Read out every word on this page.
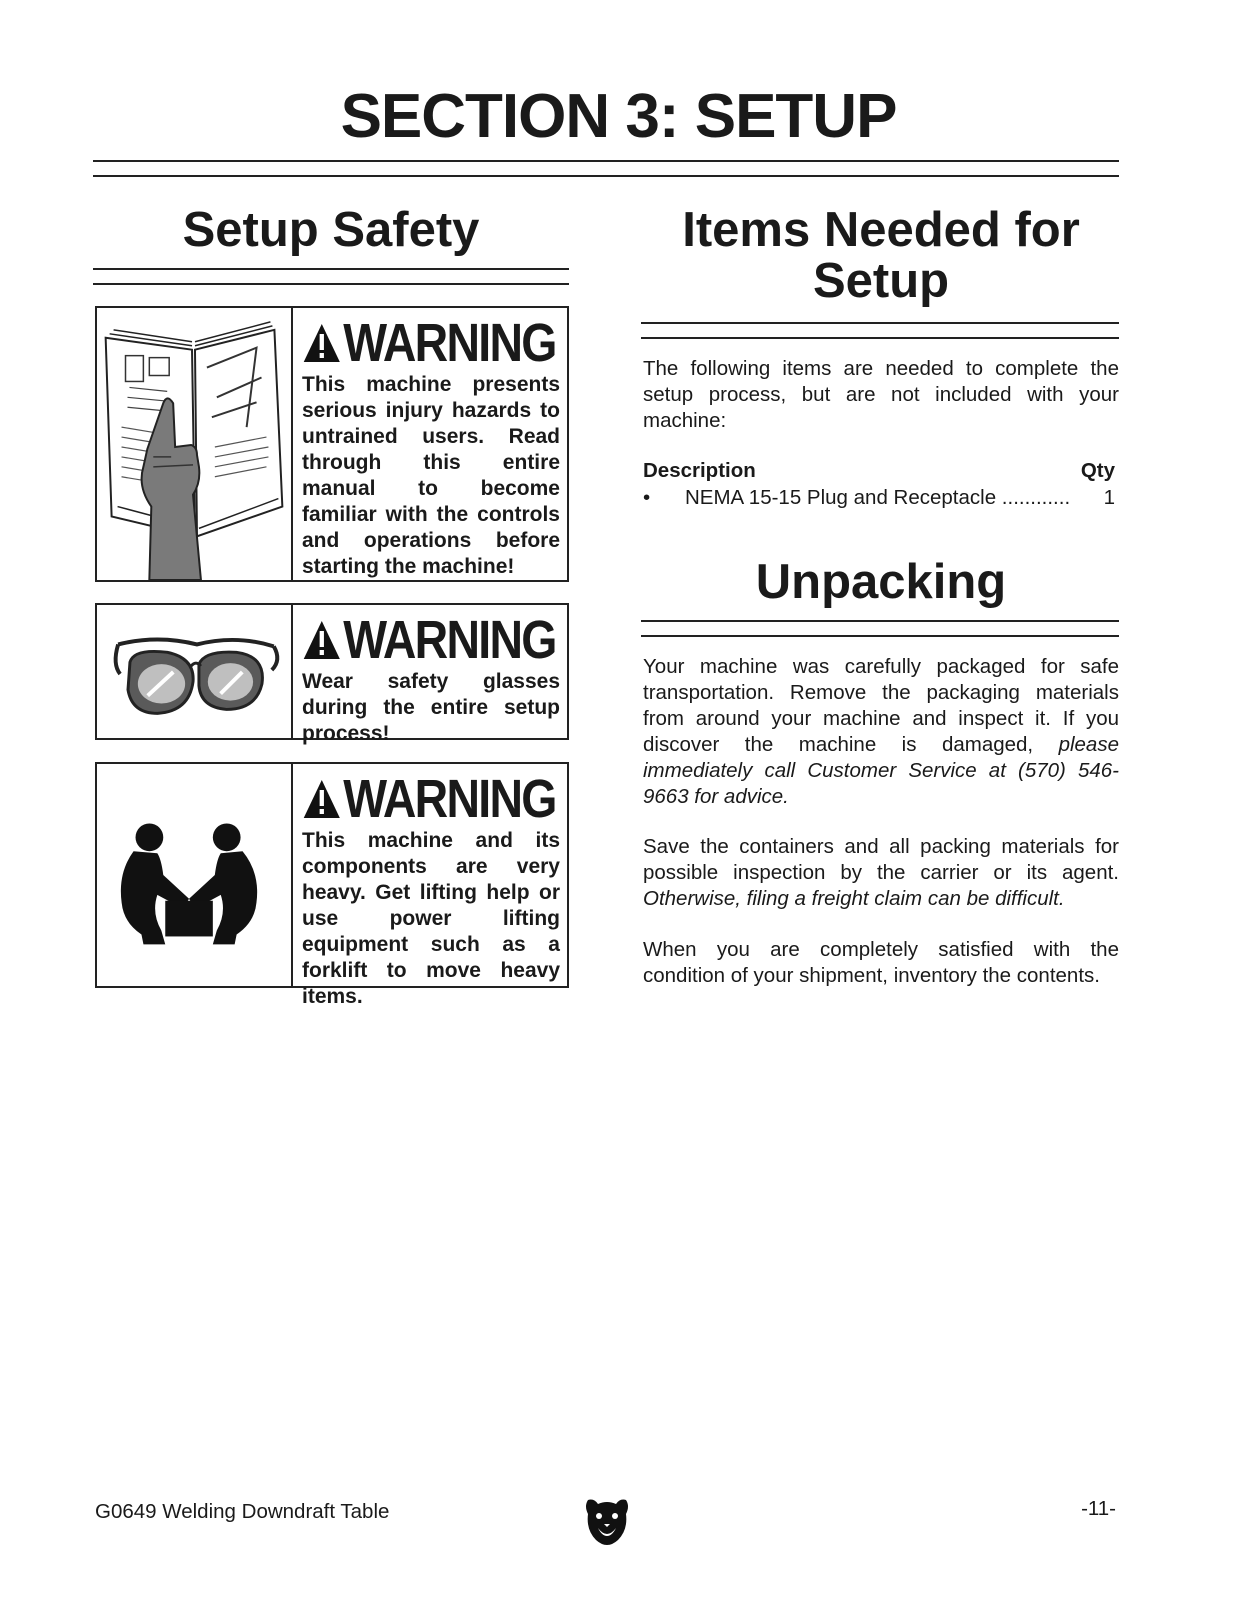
SECTION 3: SETUP
Setup Safety
WARNING
This machine presents serious injury hazards to untrained users. Read through this entire manual to become familiar with the controls and operations before starting the machine!
WARNING
Wear safety glasses during the entire setup process!
WARNING
This machine and its components are very heavy. Get lifting help or use power lifting equipment such as a forklift to move heavy items.
Items Needed for
Setup

The following items are needed to complete the setup process, but are not included with your machine:

Description	Qty
•	NEMA 15-15 Plug and Receptacle ............	1
Unpacking

Your machine was carefully packaged for safe transportation. Remove the packaging materials from around your machine and inspect it. If you discover the machine is damaged, please immediately call Customer Service at (570) 546-9663 for advice.

Save the containers and all packing materials for possible inspection by the carrier or its agent. Otherwise, filing a freight claim can be difficult.

When you are completely satisfied with the condition of your shipment, inventory the contents.

G0649 Welding Downdraft Table	-11-
